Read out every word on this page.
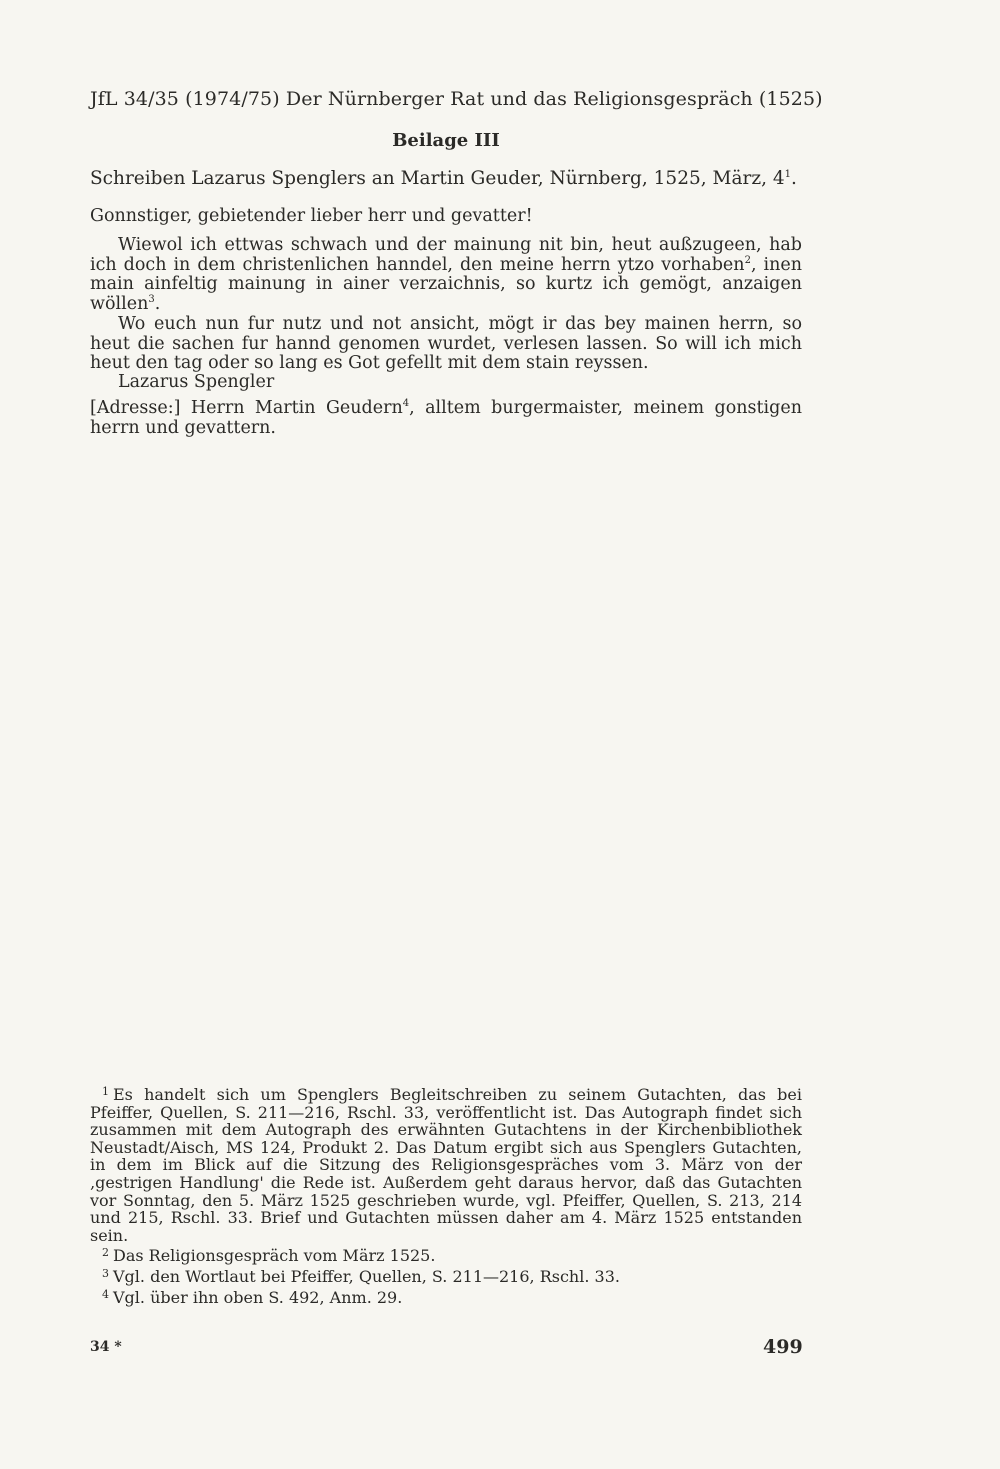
JfL 34/35 (1974/75) Der Nürnberger Rat und das Religionsgespräch (1525)
Beilage III
Schreiben Lazarus Spenglers an Martin Geuder, Nürnberg, 1525, März, 4$^1$.
Gonnstiger, gebietender lieber herr und gevatter!
Wiewol ich ettwas schwach und der mainung nit bin, heut außzugeen, hab ich doch in dem christenlichen hanndel, den meine herrn ytzo vorhaben$^2$, inen main ainfeltig mainung in ainer verzaichnis, so kurtz ich gemögt, anzaigen wöllen$^3$.
Wo euch nun fur nutz und not ansicht, mögt ir das bey mainen herrn, so heut die sachen fur hannd genomen wurdet, verlesen lassen. So will ich mich heut den tag oder so lang es Got gefellt mit dem stain reyssen.
Lazarus Spengler
[Adresse:] Herrn Martin Geudern$^4$, alltem burgermaister, meinem gonstigen herrn und gevattern.

$^1$ Es handelt sich um Spenglers Begleitschreiben zu seinem Gutachten, das bei Pfeiffer, Quellen, S. 211—216, Rschl. 33, veröffentlicht ist. Das Autograph findet sich zusammen mit dem Autograph des erwähnten Gutachtens in der Kirchenbibliothek Neustadt/Aisch, MS 124, Produkt 2. Das Datum ergibt sich aus Spenglers Gutachten, in dem im Blick auf die Sitzung des Religionsgespräches vom 3. März von der ‚gestrigen Handlung' die Rede ist. Außerdem geht daraus hervor, daß das Gutachten vor Sonntag, den 5. März 1525 geschrieben wurde, vgl. Pfeiffer, Quellen, S. 213, 214 und 215, Rschl. 33. Brief und Gutachten müssen daher am 4. März 1525 entstanden sein.

$^2$ Das Religionsgespräch vom März 1525.

$^3$ Vgl. den Wortlaut bei Pfeiffer, Quellen, S. 211—216, Rschl. 33.

$^4$ Vgl. über ihn oben S. 492, Anm. 29.

34 *	499
